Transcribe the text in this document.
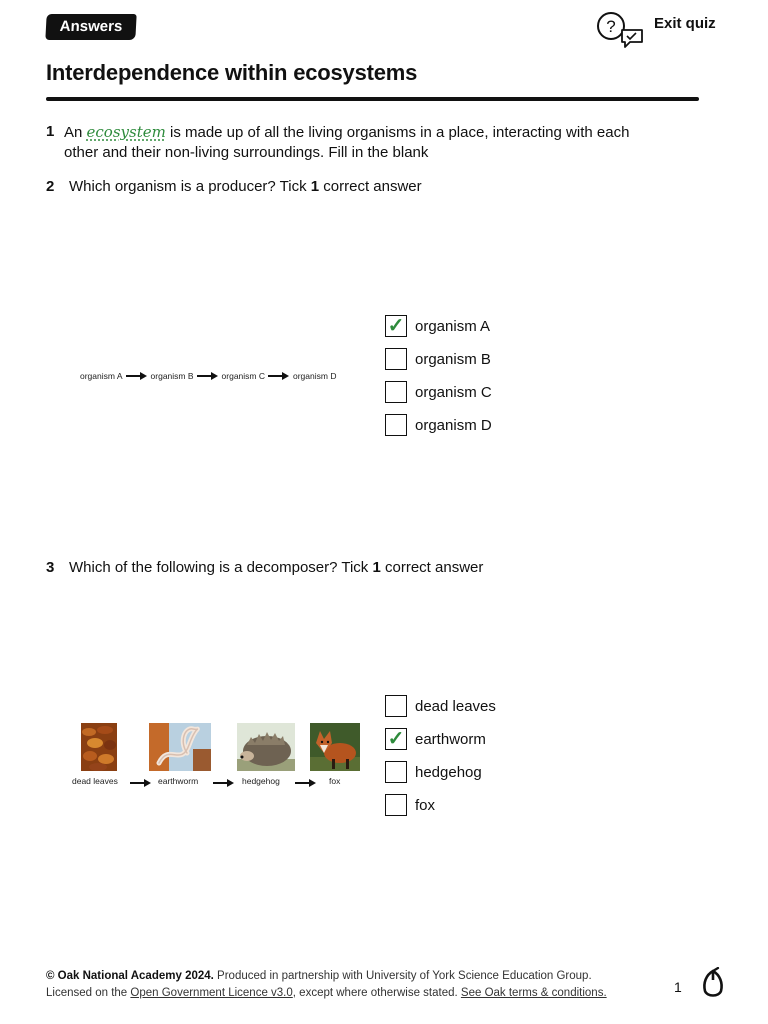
Answers	?	Exit quiz
Interdependence within ecosystems
1 An ecosystem is made up of all the living organisms in a place, interacting with each
other and their non-living surroundings. Fill in the blank
2 Which organism is a producer? Tick 1 correct answer
organism A	organism B	organism C	organism D
✓ organism A
organism B
organism C
organism D
3 Which of the following is a decomposer? Tick 1 correct answer
dead leaves	earthworm	hedgehog	fox
dead leaves
✓ earthworm
hedgehog
fox
© Oak National Academy 2024. Produced in partnership with University of York Science Education Group.
Licensed on the Open Government Licence v3.0, except where otherwise stated. See Oak terms & conditions.	1
